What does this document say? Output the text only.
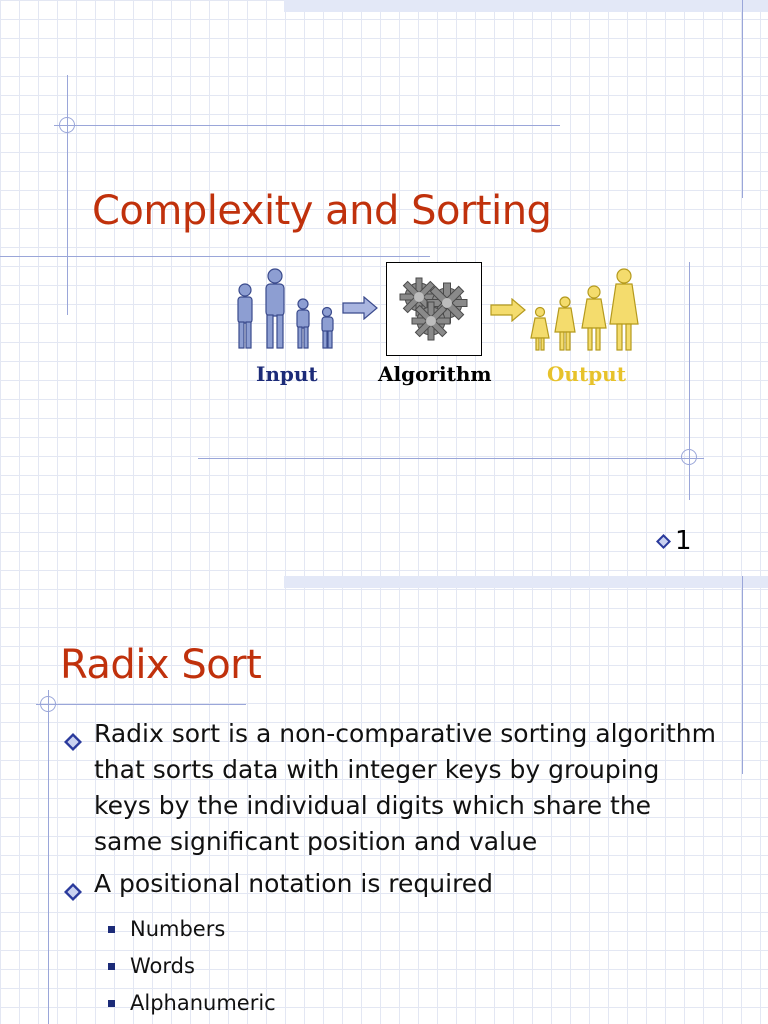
Complexity and Sorting
Input	Algorithm	Output
1
Radix Sort
Radix sort is a non-comparative sorting algorithm that sorts data with integer keys by grouping keys by the individual digits which share the same significant position and value
A positional notation is required
Numbers
Words
Alphanumeric
